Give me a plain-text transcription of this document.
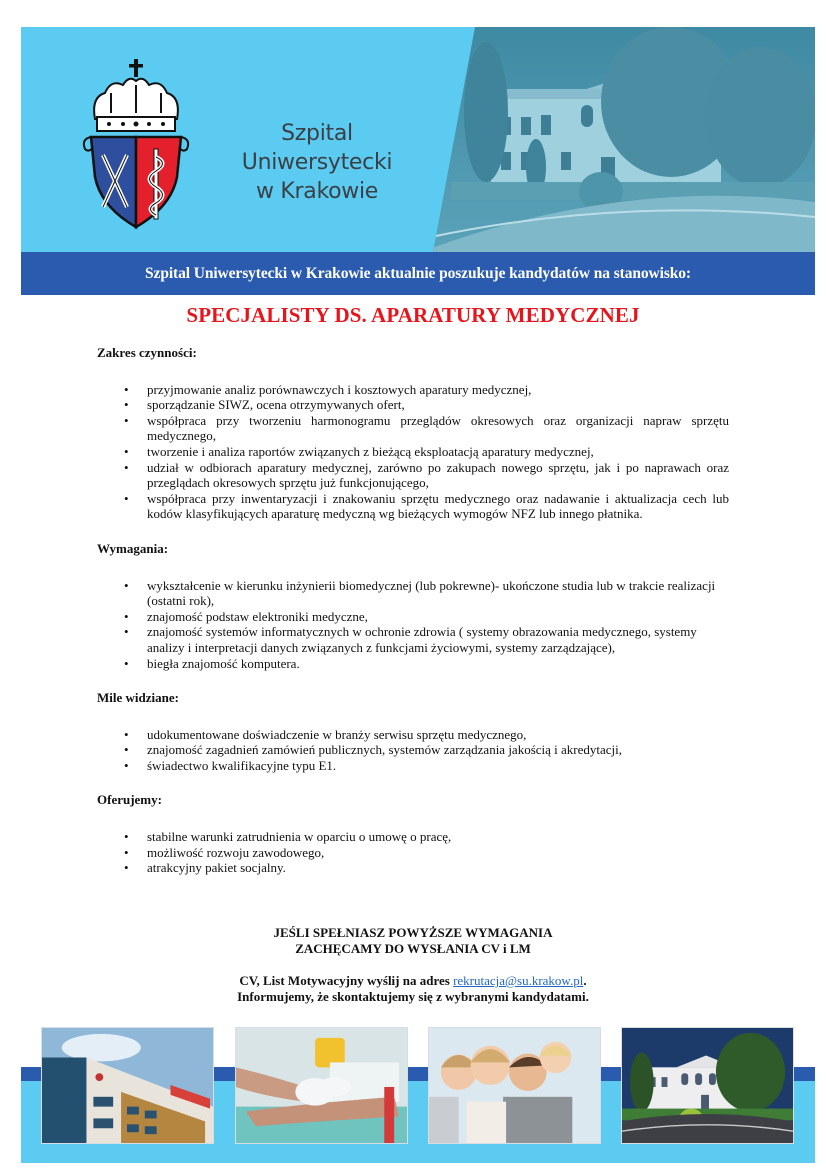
Szpital
Uniwersytecki
w Krakowie
Szpital Uniwersytecki w Krakowie aktualnie poszukuje kandydatów na stanowisko:
SPECJALISTY DS. APARATURY MEDYCZNEJ
Zakres czynności:
• przyjmowanie analiz porównawczych i kosztowych aparatury medycznej,
• sporządzanie SIWZ, ocena otrzymywanych ofert,
• współpraca przy tworzeniu harmonogramu przeglądów okresowych oraz organizacji napraw sprzętu medycznego,
• tworzenie i analiza raportów związanych z bieżącą eksploatacją aparatury medycznej,
• udział w odbiorach aparatury medycznej, zarówno po zakupach nowego sprzętu, jak i po naprawach oraz przeglądach okresowych sprzętu już funkcjonującego,
• współpraca przy inwentaryzacji i znakowaniu sprzętu medycznego oraz nadawanie i aktualizacja cech lub kodów klasyfikujących aparaturę medyczną wg bieżących wymogów NFZ lub innego płatnika.
Wymagania:
• wykształcenie w kierunku inżynierii biomedycznej (lub pokrewne)- ukończone studia lub w trakcie realizacji (ostatni rok),
• znajomość podstaw elektroniki medyczne,
• znajomość systemów informatycznych w ochronie zdrowia ( systemy obrazowania medycznego, systemy analizy i interpretacji danych związanych z funkcjami życiowymi, systemy zarządzające),
• biegła znajomość komputera.
Mile widziane:
• udokumentowane doświadczenie w branży serwisu sprzętu medycznego,
• znajomość zagadnień zamówień publicznych, systemów zarządzania jakością i akredytacji,
• świadectwo kwalifikacyjne typu E1.
Oferujemy:
• stabilne warunki zatrudnienia w oparciu o umowę o pracę,
• możliwość rozwoju zawodowego,
• atrakcyjny pakiet socjalny.
JEŚLI SPEŁNIASZ POWYŻSZE WYMAGANIA
ZACHĘCAMY DO WYSŁANIA CV i LM
CV, List Motywacyjny wyślij na adres rekrutacja@su.krakow.pl.
Informujemy, że skontaktujemy się z wybranymi kandydatami.
